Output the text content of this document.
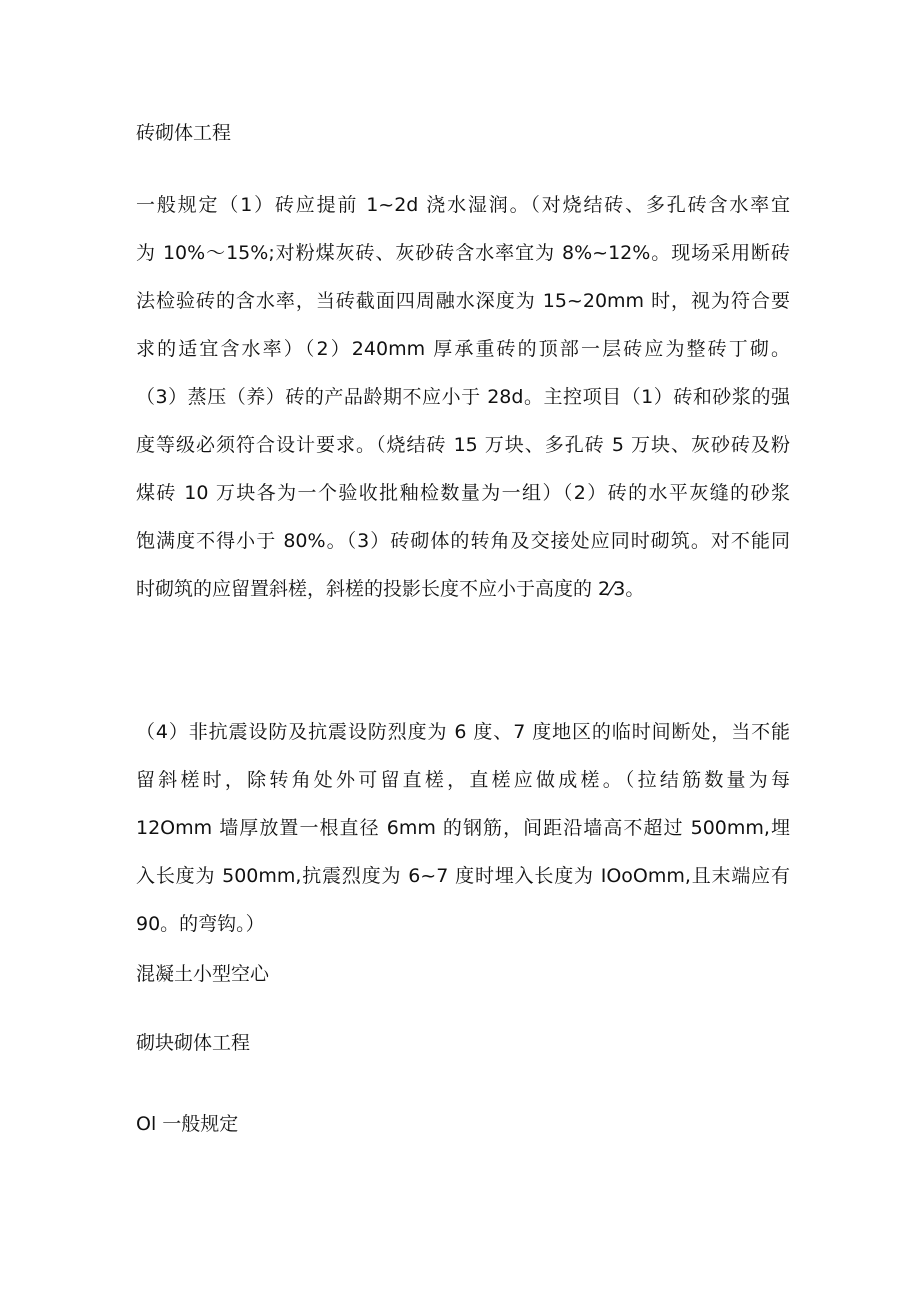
砖砌体工程
一般规定（1）砖应提前 1~2d 浇水湿润。（对烧结砖、多孔砖含水率宜
为 10%～15%;对粉煤灰砖、灰砂砖含水率宜为 8%~12%。现场采用断砖
法检验砖的含水率，当砖截面四周融水深度为 15~20mm 时，视为符合要
求的适宜含水率）（2）240mm 厚承重砖的顶部一层砖应为整砖丁砌。
（3）蒸压（养）砖的产品龄期不应小于 28d。主控项目（1）砖和砂浆的强
度等级必须符合设计要求。（烧结砖 15 万块、多孔砖 5 万块、灰砂砖及粉
煤砖 10 万块各为一个验收批釉检数量为一组）（2）砖的水平灰缝的砂浆
饱满度不得小于 80%。（3）砖砌体的转角及交接处应同时砌筑。对不能同
时砌筑的应留置斜槎，斜槎的投影长度不应小于高度的 2⁄3。
（4）非抗震设防及抗震设防烈度为 6 度、7 度地区的临时间断处，当不能
留斜槎时，除转角处外可留直槎，直槎应做成槎。（拉结筋数量为每
12Omm 墙厚放置一根直径 6mm 的钢筋，间距沿墙高不超过 500mm,埋
入长度为 500mm,抗震烈度为 6~7 度时埋入长度为 IOoOmm,且末端应有
90。的弯钩。）
混凝土小型空心
砌块砌体工程
Ol 一般规定
